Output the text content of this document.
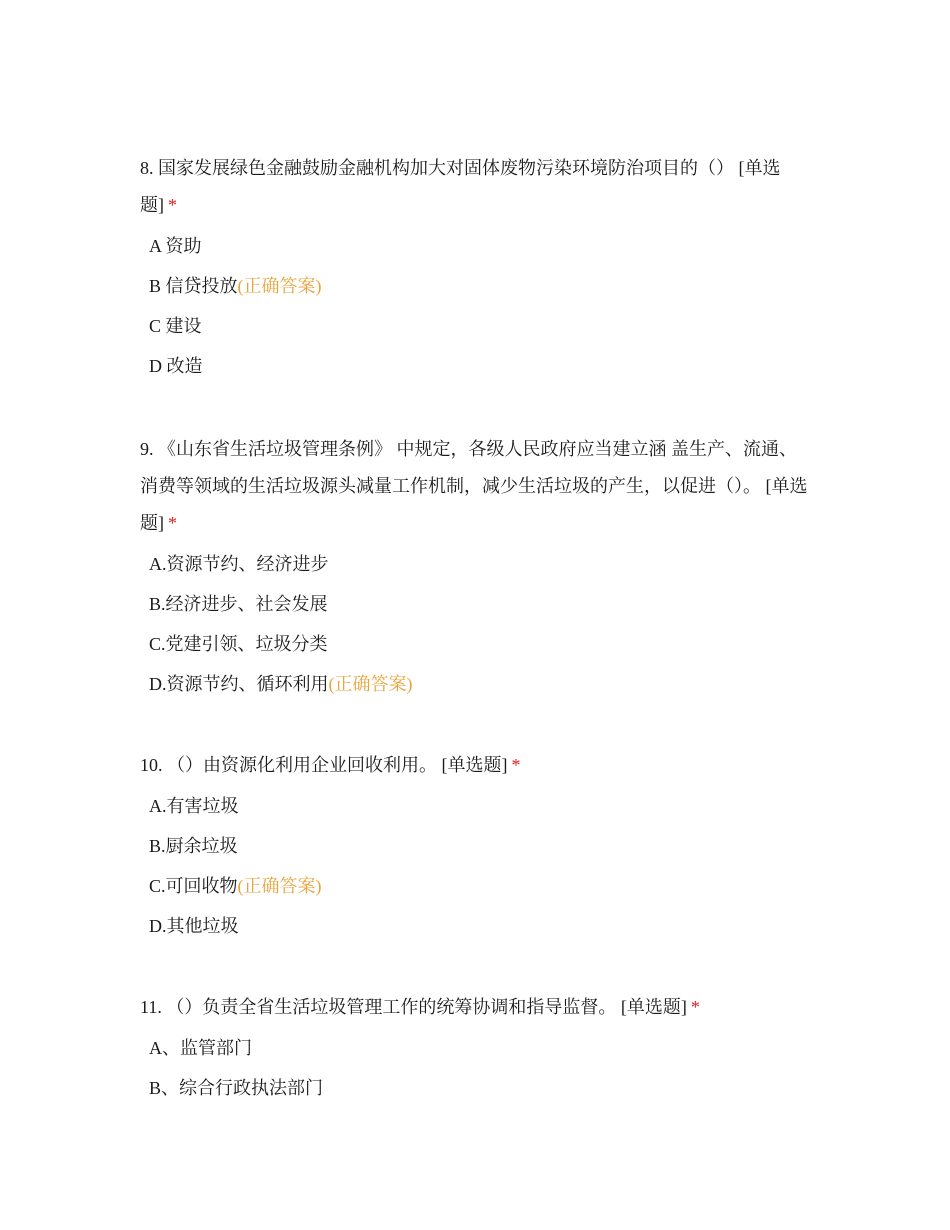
8. 国家发展绿色金融鼓励金融机构加大对固体废物污染环境防治项目的（） [单选题] *

A 资助
B 信贷投放(正确答案)
C 建设
D 改造

9. 《山东省生活垃圾管理条例》 中规定，各级人民政府应当建立涵 盖生产、流通、消费等领域的生活垃圾源头减量工作机制，减少生活垃圾的产生，以促进（）。 [单选题] *

A.资源节约、经济进步
B.经济进步、社会发展
C.党建引领、垃圾分类
D.资源节约、循环利用(正确答案)

10. （）由资源化利用企业回收利用。 [单选题] *

A.有害垃圾
B.厨余垃圾
C.可回收物(正确答案)
D.其他垃圾

11. （）负责全省生活垃圾管理工作的统筹协调和指导监督。 [单选题] *

A、监管部门
B、综合行政执法部门
